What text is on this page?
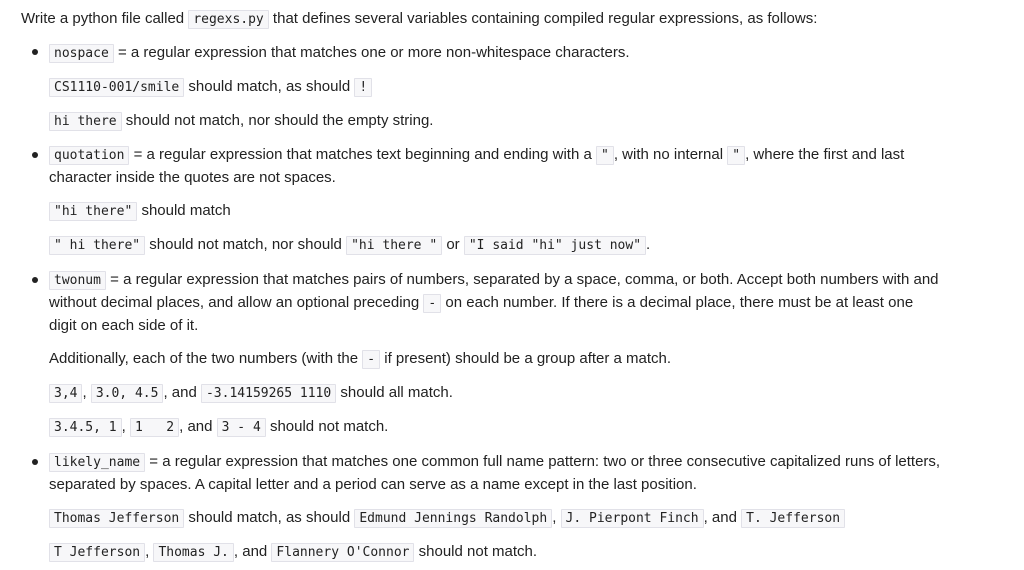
Write a python file called regexs.py that defines several variables containing compiled regular expressions, as follows:
nospace = a regular expression that matches one or more non-whitespace characters.
CS1110-001/smile should match, as should !
hi there should not match, nor should the empty string.
quotation = a regular expression that matches text beginning and ending with a " , with no internal " , where the first and last
character inside the quotes are not spaces.
"hi there" should match
" hi there" should not match, nor should "hi there " or "I said "hi" just now" .
twonum = a regular expression that matches pairs of numbers, separated by a space, comma, or both. Accept both numbers with and
without decimal places, and allow an optional preceding - on each number. If there is a decimal place, there must be at least one
digit on each side of it.
Additionally, each of the two numbers (with the - if present) should be a group after a match.
3,4 , 3.0, 4.5 , and -3.14159265 1110 should all match.
3.4.5, 1 , 1   2 , and 3 - 4 should not match.
likely_name = a regular expression that matches one common full name pattern: two or three consecutive capitalized runs of letters,
separated by spaces. A capital letter and a period can serve as a name except in the last position.
Thomas Jefferson should match, as should Edmund Jennings Randolph , J. Pierpont Finch , and T. Jefferson
T Jefferson , Thomas J. , and Flannery O'Connor should not match.
